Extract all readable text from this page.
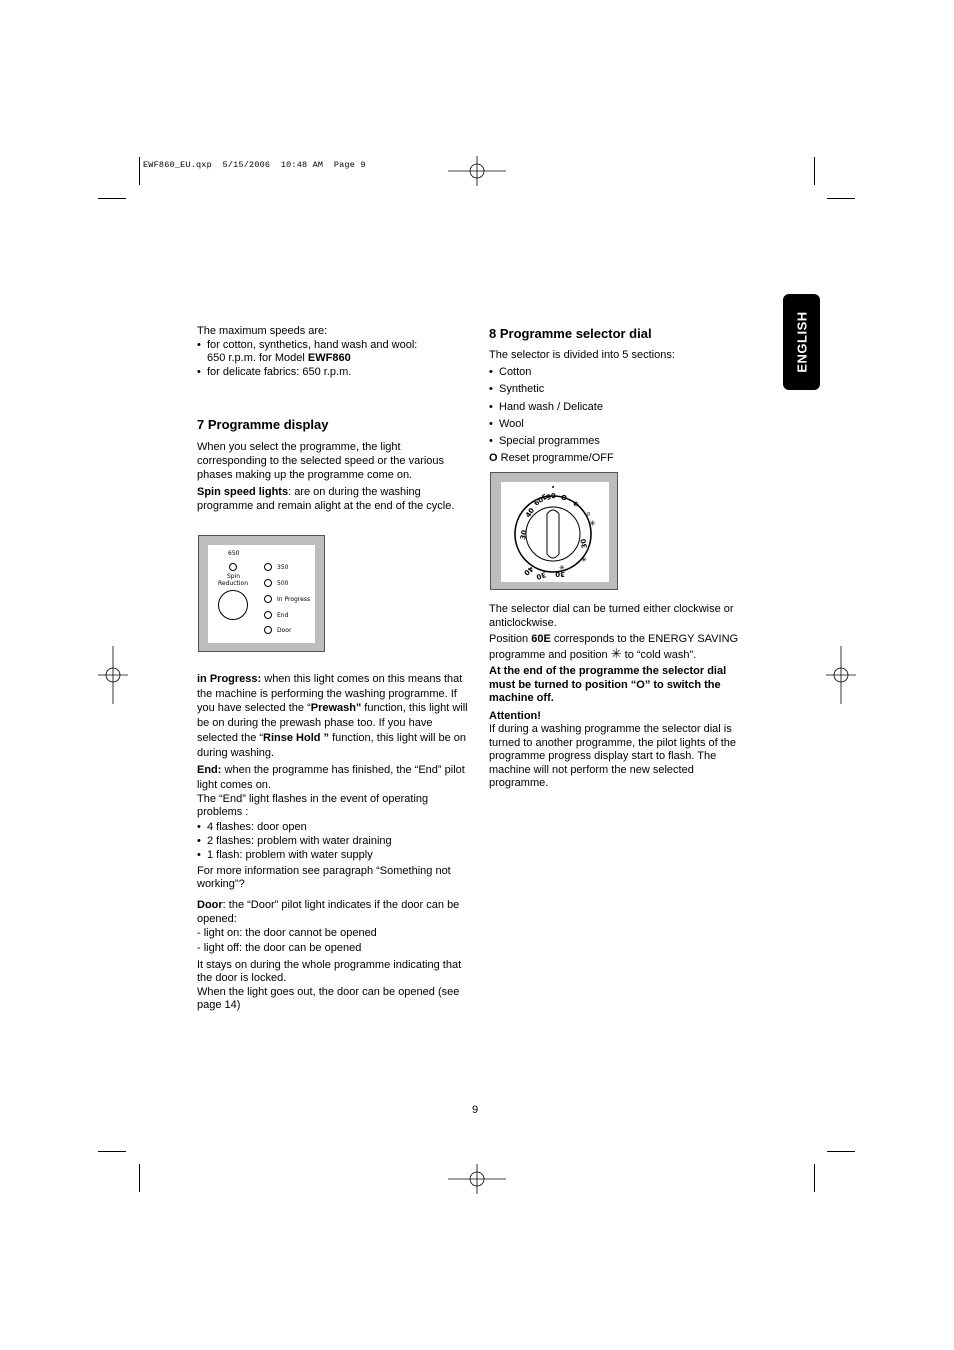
EWF860_EU.qxp  5/15/2006  10:48 AM  Page 9
ENGLISH

The maximum speeds are:

• for cotton, synthetics, hand wash and wool:
650 r.p.m. for Model EWF860
• for delicate fabrics: 650 r.p.m.
7 Programme display

When you select the programme, the light corresponding to the selected speed or the various phases making up the programme come on.

Spin speed lights: are on during the washing programme and remain alight at the end of the cycle.

650
Spin
Reduction
350
500
In Progress
End
Door

in Progress: when this light comes on this means that the machine is performing the washing programme. If you have selected the “Prewash" function, this light will be on during the prewash phase too. If you have selected the “Rinse Hold ” function, this light will be on during washing.

End: when the programme has finished, the “End” pilot light comes on.

The “End” light flashes in the event of operating problems :

• 4 flashes: door open
• 2 flashes: problem with water draining
• 1 flash: problem with water supply

For more information see paragraph “Something not working”?

Door: the “Door” pilot light indicates if the door can be opened:

- light on: the door cannot be opened

- light off: the door can be opened

It stays on during the whole programme indicating that the door is locked.

When the light goes out, the door can be opened (see page 14)

8 Programme selector dial

The selector is divided into 5 sections:

• Cotton
• Synthetic
• Hand wash / Delicate
• Wool
• Special programmes

O Reset programme/OFF

30
40
60E
90 O
◐
⚲
✳
30
✳
30
30
40	✳

The selector dial can be turned either clockwise or anticlockwise.

Position 60E corresponds to the ENERGY SAVING programme and position ✳ to “cold wash”.

At the end of the programme the selector dial must be turned to position “O” to switch the machine off.

Attention!

If during a washing programme the selector dial is turned to another programme, the pilot lights of the programme progress display start to flash. The machine will not perform the new selected programme.

9
